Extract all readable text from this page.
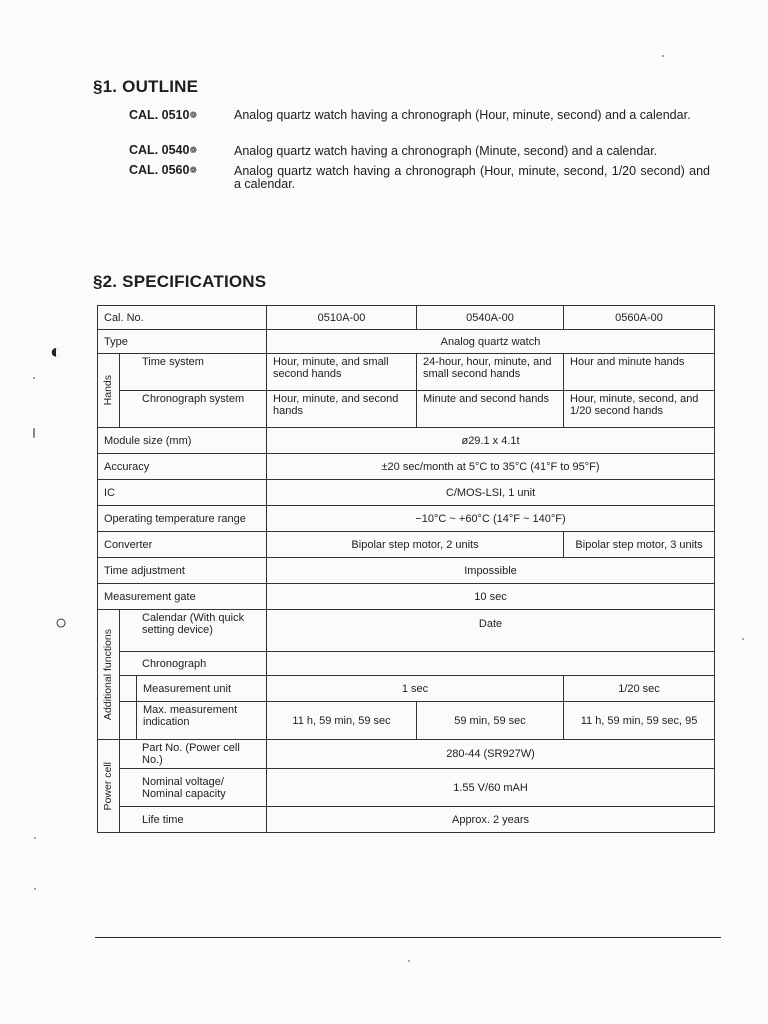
◐
○
§1. OUTLINE
CAL. 0510❁	Analog quartz watch having a chronograph (Hour, minute, second) and a calendar.
CAL. 0540❁	Analog quartz watch having a chronograph (Minute, second) and a calendar.
CAL. 0560❁	Analog quartz watch having a chronograph (Hour, minute, second, 1/20 second) and a calendar.
§2. SPECIFICATIONS
Cal. No.			0510A-00	0540A-00	0560A-00
Type			Analog quartz watch		

Hands	Time system		Hour, minute, and small second hands	24-hour, hour, minute, and small second hands	Hour and minute hands
	Chronograph system		Hour, minute, and second hands	Minute and second hands	Hour, minute, second, and 1/20 second hands
Module size (mm)			ø29.1 x 4.1t		
Accuracy			±20 sec/month at 5°C to 35°C (41°F to 95°F)		
IC			C/MOS-LSI, 1 unit		
Operating temperature range			−10°C ~ +60°C (14°F ~ 140°F)		
Converter			Bipolar step motor, 2 units		Bipolar step motor, 3 units
Time adjustment			Impossible		
Measurement gate			10 sec		

Additional functions	Calendar (With quick setting device)		Date		
	Chronograph				
		Measurement unit	1 sec		1/20 sec
		Max. measurement indication	11 h, 59 min, 59 sec	59 min, 59 sec	11 h, 59 min, 59 sec, 95

Power cell	Part No. (Power cell No.)		280-44 (SR927W)		
	Nominal voltage/ Nominal capacity		1.55 V/60 mAH		
	Life time		Approx. 2 years		
